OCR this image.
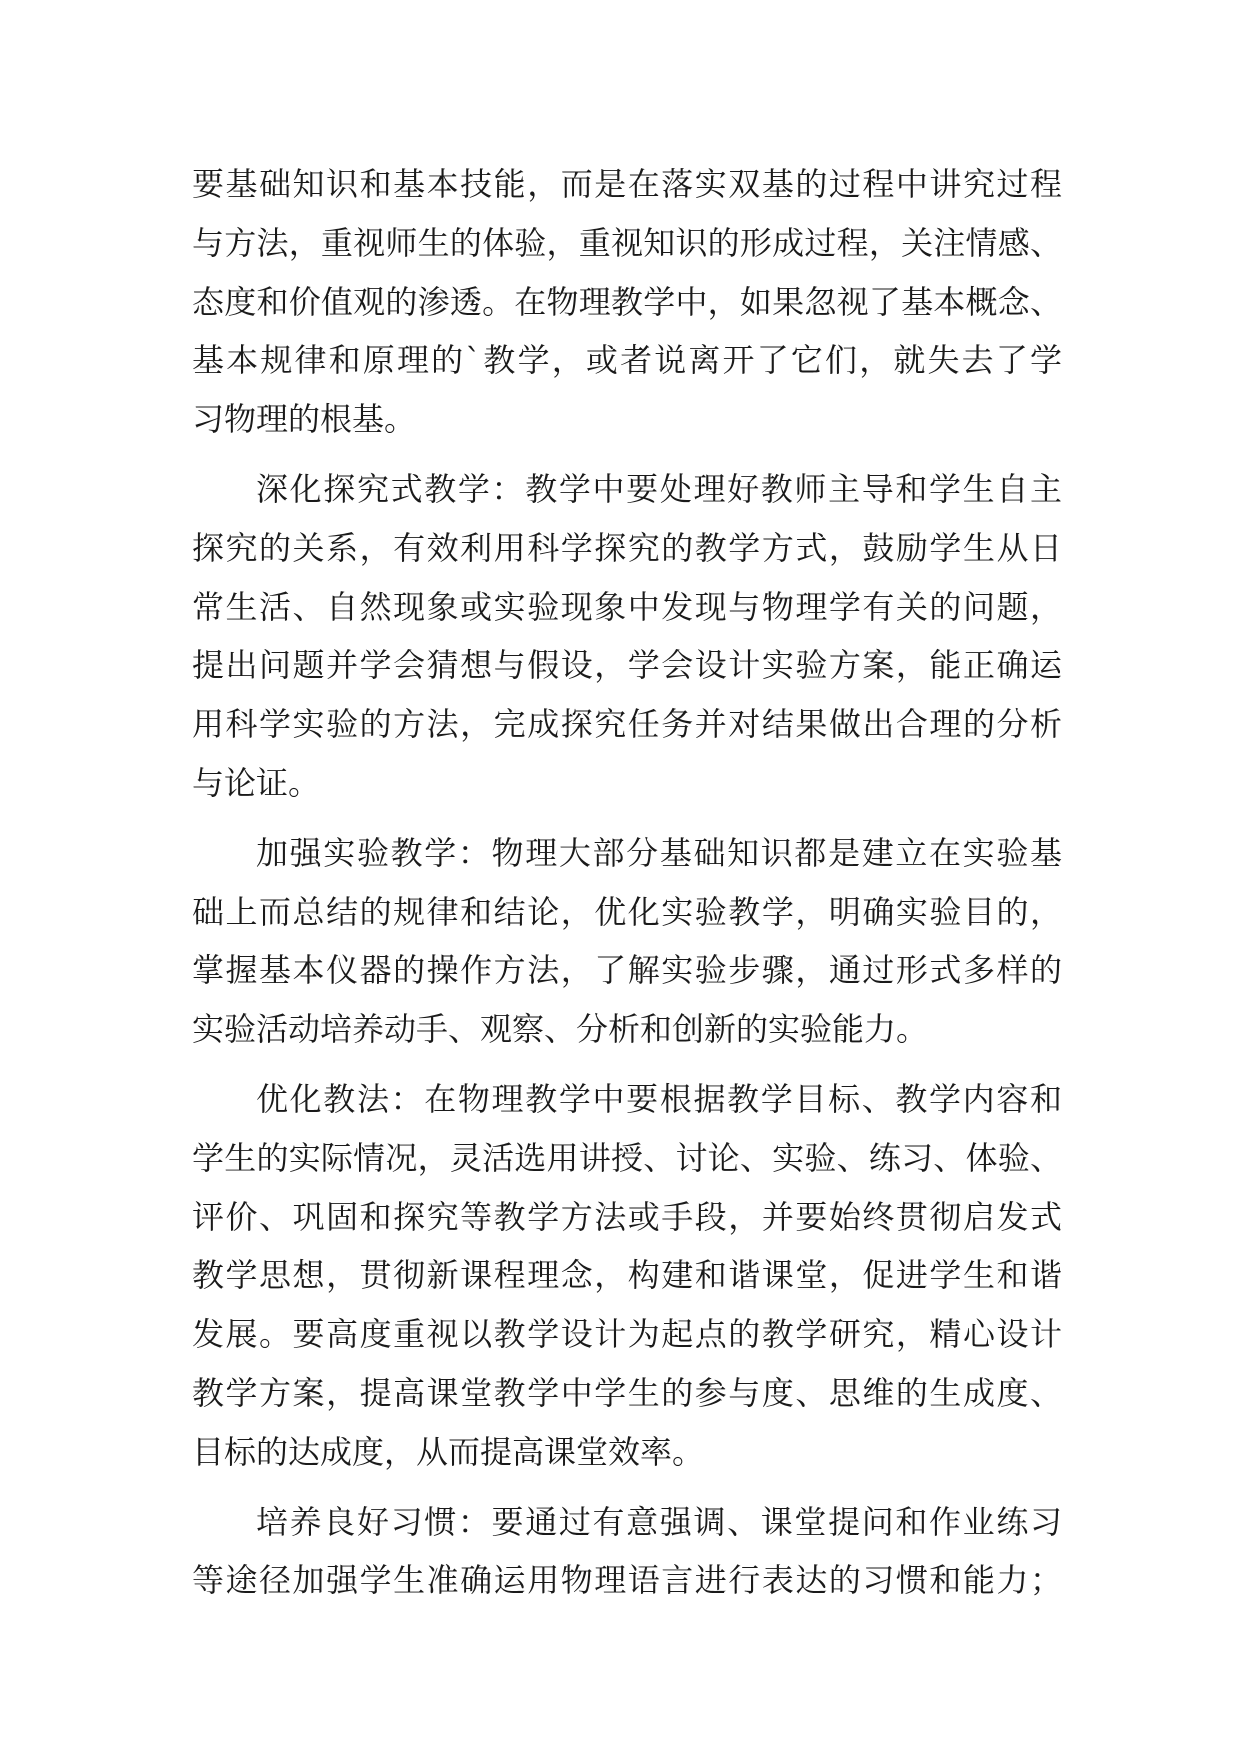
要基础知识和基本技能，而是在落实双基的过程中讲究过程
与方法，重视师生的体验，重视知识的形成过程，关注情感、
态度和价值观的渗透。在物理教学中，如果忽视了基本概念、
基本规律和原理的`教学，或者说离开了它们，就失去了学
习物理的根基。
深化探究式教学：教学中要处理好教师主导和学生自主
探究的关系，有效利用科学探究的教学方式，鼓励学生从日
常生活、自然现象或实验现象中发现与物理学有关的问题，
提出问题并学会猜想与假设，学会设计实验方案，能正确运
用科学实验的方法，完成探究任务并对结果做出合理的分析
与论证。
加强实验教学：物理大部分基础知识都是建立在实验基
础上而总结的规律和结论，优化实验教学，明确实验目的，
掌握基本仪器的操作方法，了解实验步骤，通过形式多样的
实验活动培养动手、观察、分析和创新的实验能力。
优化教法：在物理教学中要根据教学目标、教学内容和
学生的实际情况，灵活选用讲授、讨论、实验、练习、体验、
评价、巩固和探究等教学方法或手段，并要始终贯彻启发式
教学思想，贯彻新课程理念，构建和谐课堂，促进学生和谐
发展。要高度重视以教学设计为起点的教学研究，精心设计
教学方案，提高课堂教学中学生的参与度、思维的生成度、
目标的达成度，从而提高课堂效率。
培养良好习惯：要通过有意强调、课堂提问和作业练习
等途径加强学生准确运用物理语言进行表达的习惯和能力；
